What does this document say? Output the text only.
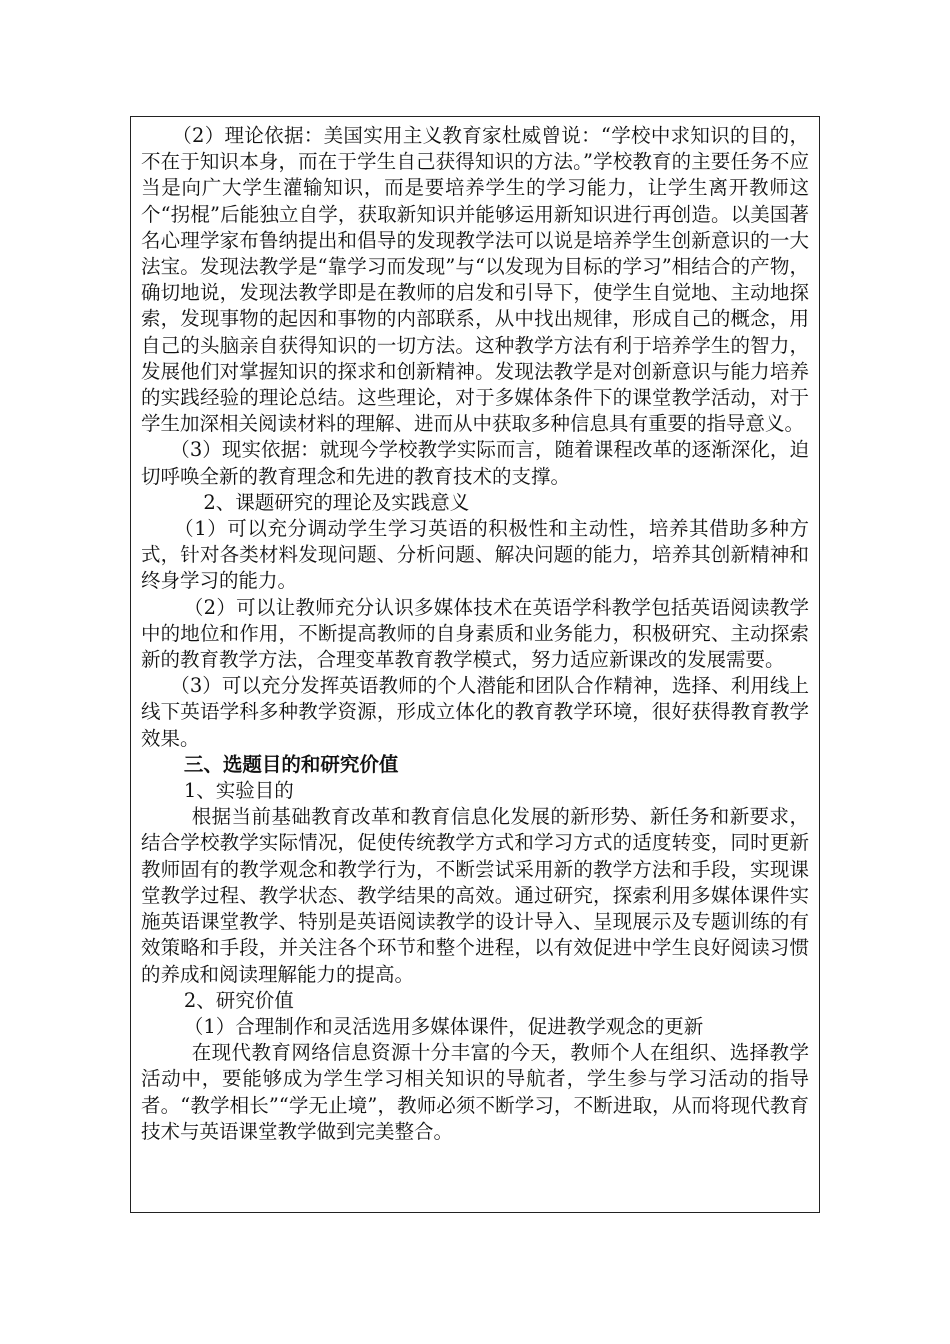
（2）理论依据：美国实用主义教育家杜威曾说：“学校中求知识的目的，不在于知识本身，而在于学生自己获得知识的方法。”学校教育的主要任务不应当是向广大学生灌输知识，而是要培养学生的学习能力，让学生离开教师这个“拐棍”后能独立自学，获取新知识并能够运用新知识进行再创造。以美国著名心理学家布鲁纳提出和倡导的发现教学法可以说是培养学生创新意识的一大法宝。发现法教学是“靠学习而发现”与“以发现为目标的学习”相结合的产物，确切地说，发现法教学即是在教师的启发和引导下，使学生自觉地、主动地探索，发现事物的起因和事物的内部联系，从中找出规律，形成自己的概念，用自己的头脑亲自获得知识的一切方法。这种教学方法有利于培养学生的智力，发展他们对掌握知识的探求和创新精神。发现法教学是对创新意识与能力培养的实践经验的理论总结。这些理论，对于多媒体条件下的课堂教学活动，对于学生加深相关阅读材料的理解、进而从中获取多种信息具有重要的指导意义。

（3）现实依据：就现今学校教学实际而言，随着课程改革的逐渐深化，迫切呼唤全新的教育理念和先进的教育技术的支撑。

2、课题研究的理论及实践意义

（1）可以充分调动学生学习英语的积极性和主动性，培养其借助多种方式，针对各类材料发现问题、分析问题、解决问题的能力，培养其创新精神和终身学习的能力。

（2）可以让教师充分认识多媒体技术在英语学科教学包括英语阅读教学中的地位和作用，不断提高教师的自身素质和业务能力，积极研究、主动探索新的教育教学方法，合理变革教育教学模式，努力适应新课改的发展需要。

（3）可以充分发挥英语教师的个人潜能和团队合作精神，选择、利用线上线下英语学科多种教学资源，形成立体化的教育教学环境，很好获得教育教学效果。

三、选题目的和研究价值

1、实验目的

根据当前基础教育改革和教育信息化发展的新形势、新任务和新要求，结合学校教学实际情况，促使传统教学方式和学习方式的适度转变，同时更新教师固有的教学观念和教学行为，不断尝试采用新的教学方法和手段，实现课堂教学过程、教学状态、教学结果的高效。通过研究，探索利用多媒体课件实施英语课堂教学、特别是英语阅读教学的设计导入、呈现展示及专题训练的有效策略和手段，并关注各个环节和整个进程，以有效促进中学生良好阅读习惯的养成和阅读理解能力的提高。

2、研究价值

（1）合理制作和灵活选用多媒体课件，促进教学观念的更新

在现代教育网络信息资源十分丰富的今天，教师个人在组织、选择教学活动中，要能够成为学生学习相关知识的导航者，学生参与学习活动的指导者。“教学相长”“学无止境”，教师必须不断学习，不断进取，从而将现代教育技术与英语课堂教学做到完美整合。
